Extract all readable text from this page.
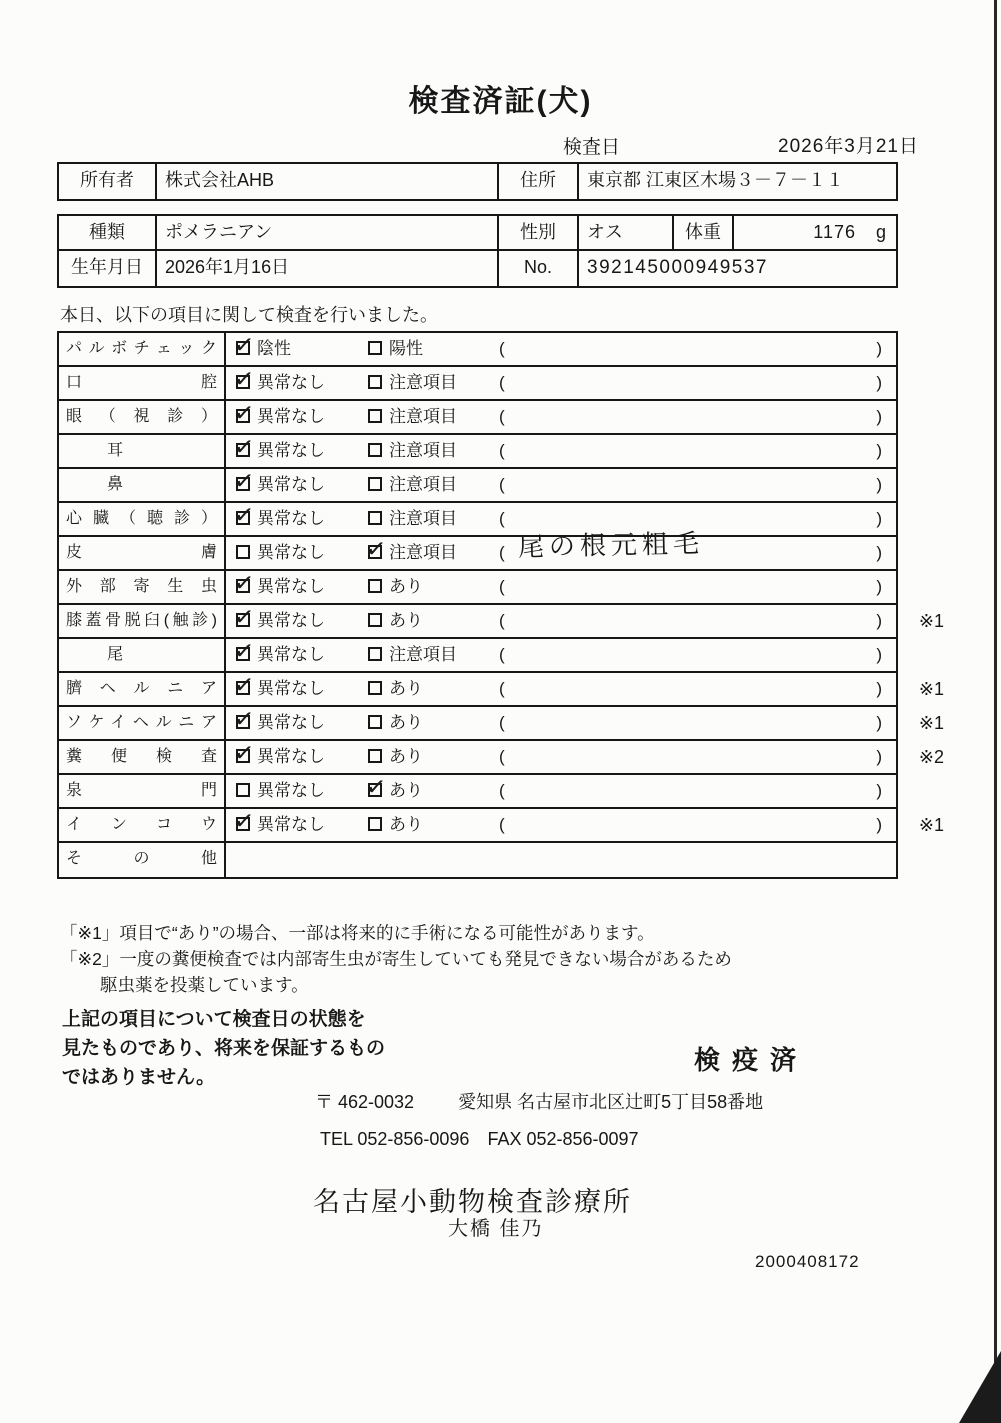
検査済証(犬)
検査日	2026年3月21日
所有者	株式会社AHB	住所	東京都 江東区木場３－７－１１
種類	ポメラニアン	性別	オス	体重	1176	g
生年月日	2026年1月16日	No.	392145000949537
本日、以下の項目に関して検査を行いました。
パルボチェック ✓	陰性	陽性	(	)
口腔 ✓	異常なし	注意項目 (	)
眼（視診） ✓	異常なし	注意項目 (	)
耳 ✓	異常なし	注意項目 (	)
鼻 ✓	異常なし	注意項目 (	)
心臓（聴診） ✓	異常なし	注意項目 (	)
皮膚	異常なし ✓	注意項目 ( 尾の根元粗毛	)
外部寄生虫 ✓	異常なし	あり	(	)
膝蓋骨脱臼(触診) ✓	異常なし	あり	(	) ※1
尾 ✓	異常なし	注意項目 (	)
臍ヘルニア ✓	異常なし	あり	(	) ※1
ソケイヘルニア ✓	異常なし	あり	(	) ※1
糞便検査 ✓	異常なし	あり	(	) ※2
泉門	異常なし ✓	あり	(	)
インコウ ✓	異常なし	あり	(	) ※1
その他
「※1」項目で“あり”の場合、一部は将来的に手術になる可能性があります。
「※2」一度の糞便検査では内部寄生虫が寄生していても発見できない場合があるため
駆虫薬を投薬しています。
上記の項目について検査日の状態を
見たものであり、将来を保証するもの
ではありません。
検疫済
〒 462-0032 愛知県 名古屋市北区辻町5丁目58番地
TEL 052-856-0096 FAX 052-856-0097
名古屋小動物検査診療所
大橋 佳乃
2000408172
